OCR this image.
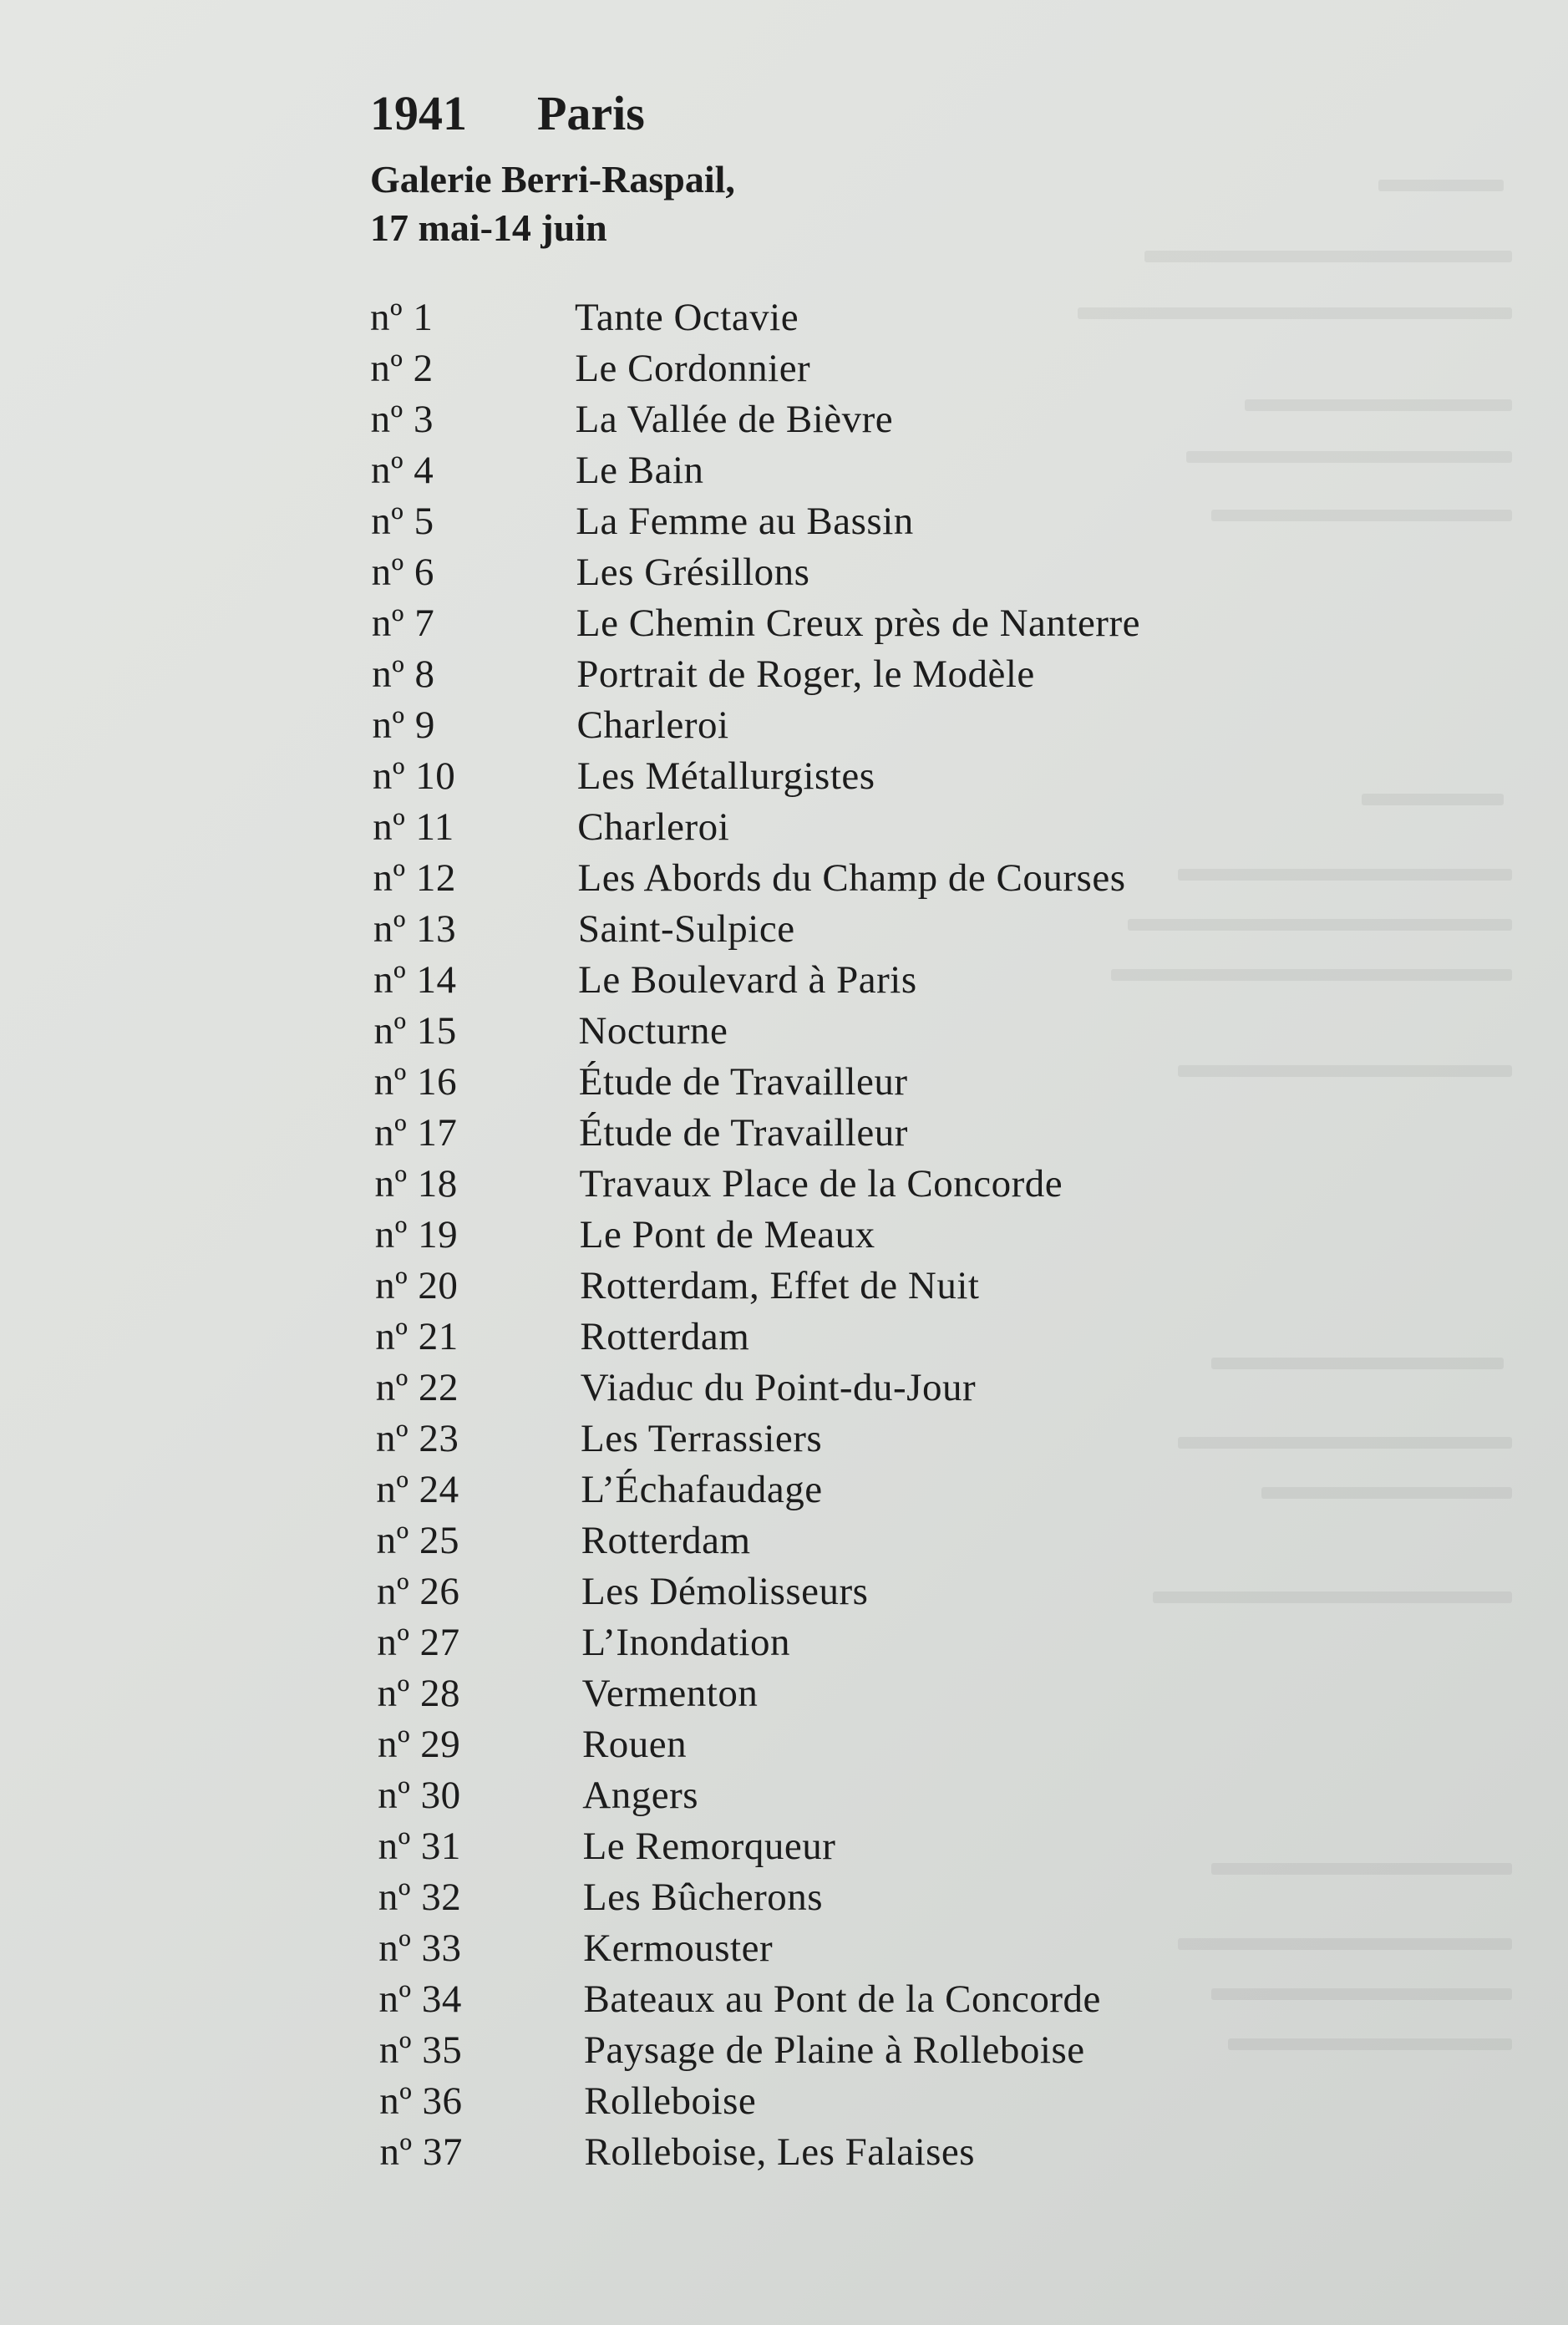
1941 Paris
Galerie Berri-Raspail,
17 mai-14 juin
nº 1	Tante Octavie
nº 2	Le Cordonnier
nº 3	La Vallée de Bièvre
nº 4	Le Bain
nº 5	La Femme au Bassin
nº 6	Les Grésillons
nº 7	Le Chemin Creux près de Nanterre
nº 8	Portrait de Roger, le Modèle
nº 9	Charleroi
nº 10	Les Métallurgistes
nº 11	Charleroi
nº 12	Les Abords du Champ de Courses
nº 13	Saint-Sulpice
nº 14	Le Boulevard à Paris
nº 15	Nocturne
nº 16	Étude de Travailleur
nº 17	Étude de Travailleur
nº 18	Travaux Place de la Concorde
nº 19	Le Pont de Meaux
nº 20	Rotterdam, Effet de Nuit
nº 21	Rotterdam
nº 22	Viaduc du Point-du-Jour
nº 23	Les Terrassiers
nº 24	L’Échafaudage
nº 25	Rotterdam
nº 26	Les Démolisseurs
nº 27	L’Inondation
nº 28	Vermenton
nº 29	Rouen
nº 30	Angers
nº 31	Le Remorqueur
nº 32	Les Bûcherons
nº 33	Kermouster
nº 34	Bateaux au Pont de la Concorde
nº 35	Paysage de Plaine à Rolleboise
nº 36	Rolleboise
nº 37	Rolleboise, Les Falaises
